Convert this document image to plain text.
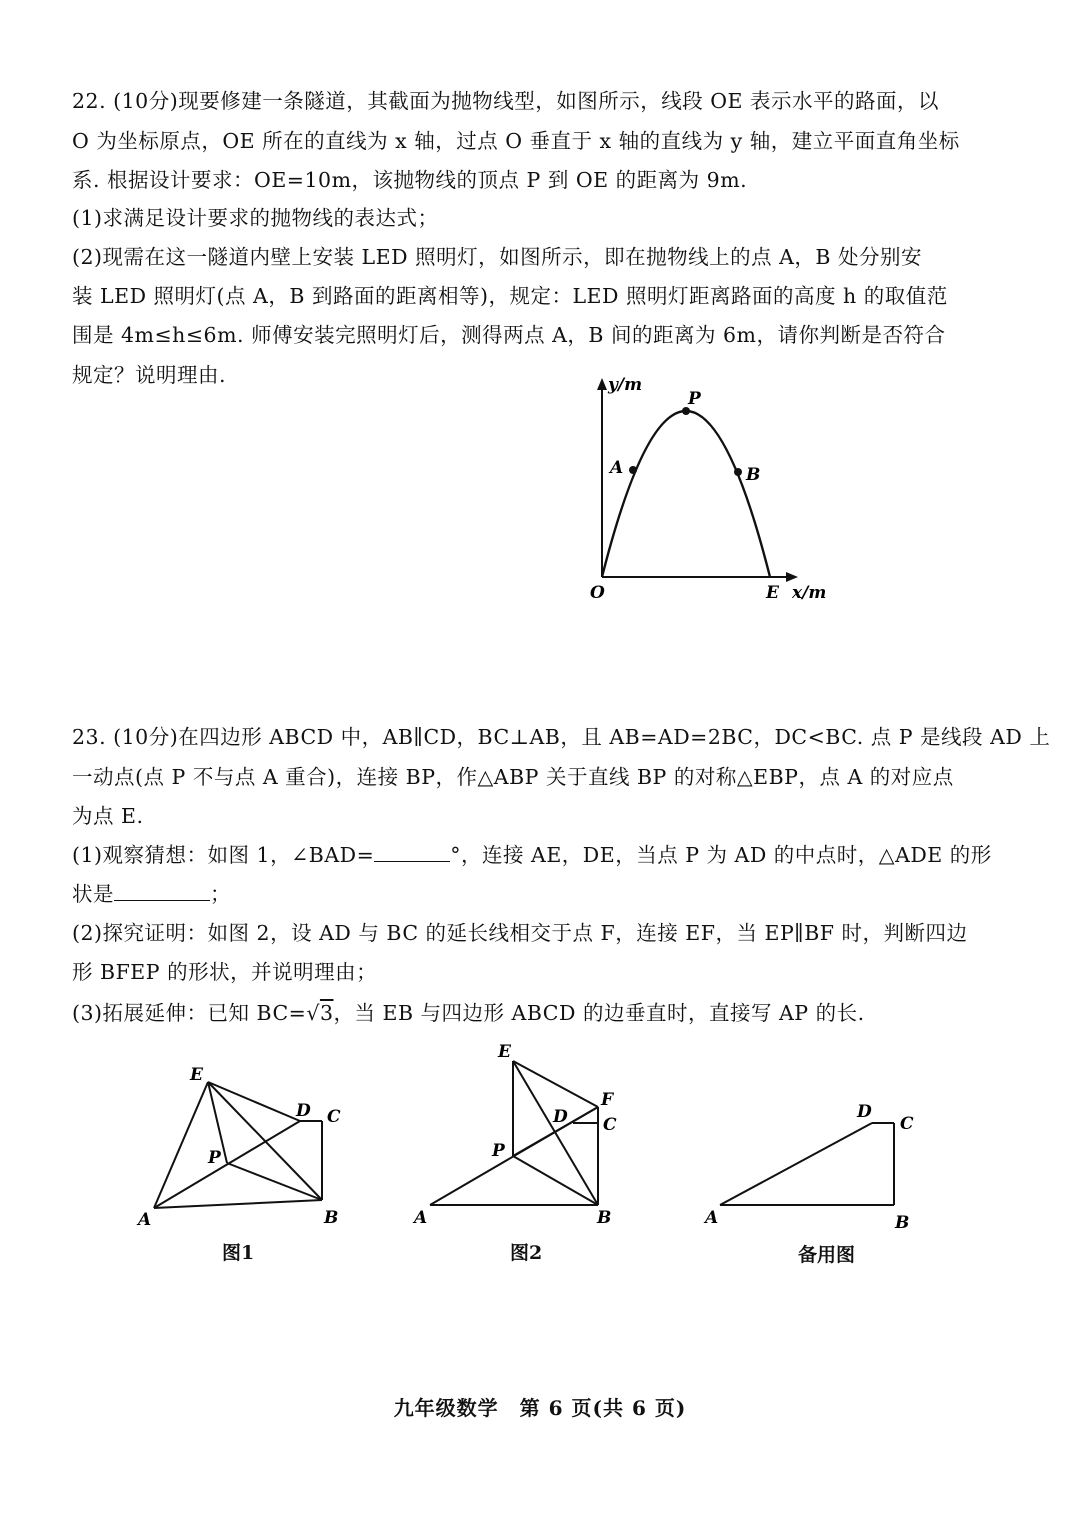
22. (10分)现要修建一条隧道，其截面为抛物线型，如图所示，线段 OE 表示水平的路面，以
O 为坐标原点，OE 所在的直线为 x 轴，过点 O 垂直于 x 轴的直线为 y 轴，建立平面直角坐标
系. 根据设计要求：OE=10m，该抛物线的顶点 P 到 OE 的距离为 9m.
(1)求满足设计要求的抛物线的表达式；
(2)现需在这一隧道内壁上安装 LED 照明灯，如图所示，即在抛物线上的点 A，B 处分别安
装 LED 照明灯(点 A，B 到路面的距离相等)，规定：LED 照明灯距离路面的高度 h 的取值范
围是 4m≤h≤6m. 师傅安装完照明灯后，测得两点 A，B 间的距离为 6m，请你判断是否符合
规定？说明理由.	y/m
P
A	B
O	E x/m
23. (10分)在四边形 ABCD 中，AB∥CD，BC⊥AB，且 AB=AD=2BC，DC<BC. 点 P 是线段 AD 上
一动点(点 P 不与点 A 重合)，连接 BP，作△ABP 关于直线 BP 的对称△EBP，点 A 的对应点
为点 E.
(1)观察猜想：如图 1，∠BAD=	°，连接 AE，DE，当点 P 为 AD 的中点时，△ADE 的形
状是	；
(2)探究证明：如图 2，设 AD 与 BC 的延长线相交于点 F，连接 EF，当 EP∥BF 时，判断四边
形 BFEP 的形状，并说明理由；
(3)拓展延伸：已知 BC=√3，当 EB 与四边形 ABCD 的边垂直时，直接写 AP 的长.
E
D C
P
A	B
图1
E
F
D C
P
A	B
图2
D
C
A	B
备用图
九年级数学　第 6 页(共 6 页)
